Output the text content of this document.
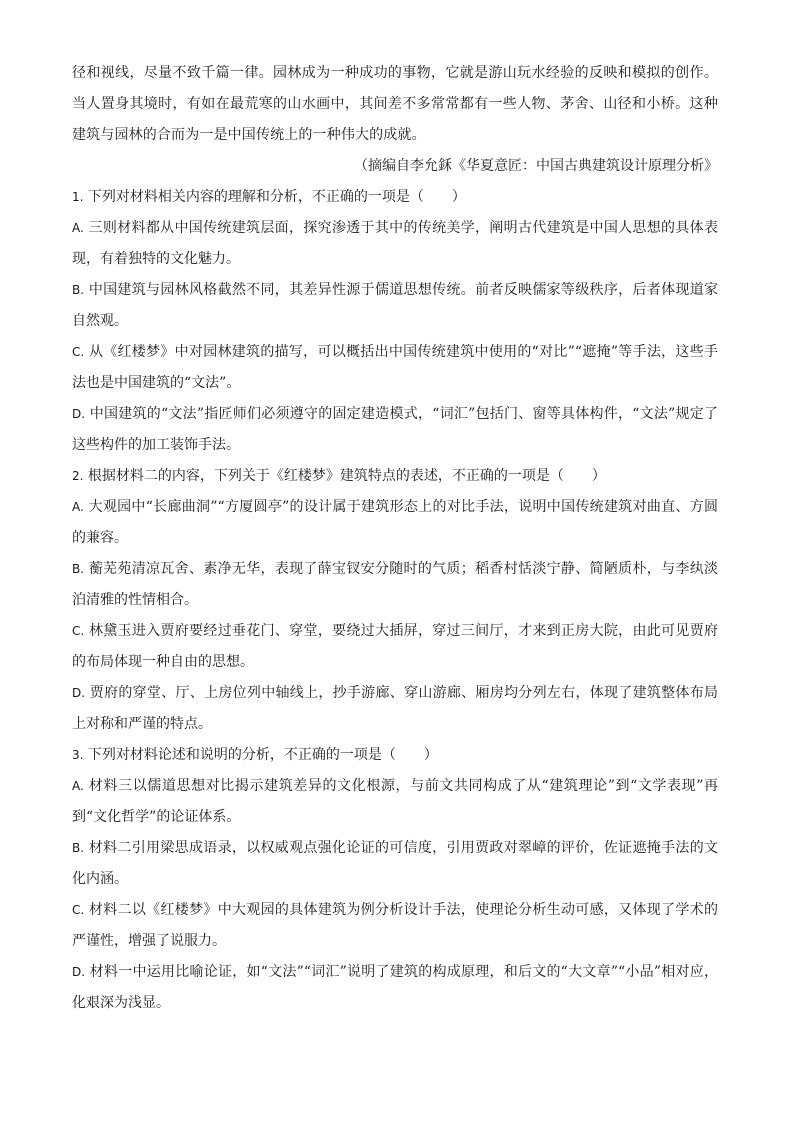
径和视线，尽量不致千篇一律。园林成为一种成功的事物，它就是游山玩水经验的反映和模拟的创作。当人置身其境时，有如在最荒寒的山水画中，其间差不多常常都有一些人物、茅舍、山径和小桥。这种建筑与园林的合而为一是中国传统上的一种伟大的成就。

（摘编自李允鉌《华夏意匠：中国古典建筑设计原理分析》

1. 下列对材料相关内容的理解和分析，不正确的一项是（　　）

A. 三则材料都从中国传统建筑层面，探究渗透于其中的传统美学，阐明古代建筑是中国人思想的具体表现，有着独特的文化魅力。

B. 中国建筑与园林风格截然不同，其差异性源于儒道思想传统。前者反映儒家等级秩序，后者体现道家自然观。

C. 从《红楼梦》中对园林建筑的描写，可以概括出中国传统建筑中使用的“对比”“遮掩”等手法，这些手法也是中国建筑的“文法”。

D. 中国建筑的“文法”指匠师们必须遵守的固定建造模式，“词汇”包括门、窗等具体构件，“文法”规定了这些构件的加工装饰手法。

2. 根据材料二的内容，下列关于《红楼梦》建筑特点的表述，不正确的一项是（　　）

A. 大观园中“长廊曲洞”“方厦圆亭”的设计属于建筑形态上的对比手法，说明中国传统建筑对曲直、方圆的兼容。

B. 蘅芜苑清凉瓦舍、素净无华，表现了薛宝钗安分随时的气质；稻香村恬淡宁静、简陋质朴，与李纨淡泊清雅的性情相合。

C. 林黛玉进入贾府要经过垂花门、穿堂，要绕过大插屏，穿过三间厅，才来到正房大院，由此可见贾府的布局体现一种自由的思想。

D. 贾府的穿堂、厅、上房位列中轴线上，抄手游廊、穿山游廊、厢房均分列左右，体现了建筑整体布局上对称和严谨的特点。

3. 下列对材料论述和说明的分析，不正确的一项是（　　）

A. 材料三以儒道思想对比揭示建筑差异的文化根源，与前文共同构成了从“建筑理论”到“文学表现”再到“文化哲学”的论证体系。

B. 材料二引用梁思成语录，以权威观点强化论证的可信度，引用贾政对翠嶂的评价，佐证遮掩手法的文化内涵。

C. 材料二以《红楼梦》中大观园的具体建筑为例分析设计手法，使理论分析生动可感，又体现了学术的严谨性，增强了说服力。

D. 材料一中运用比喻论证，如“文法”“词汇”说明了建筑的构成原理，和后文的“大文章”“小品”相对应，化艰深为浅显。
